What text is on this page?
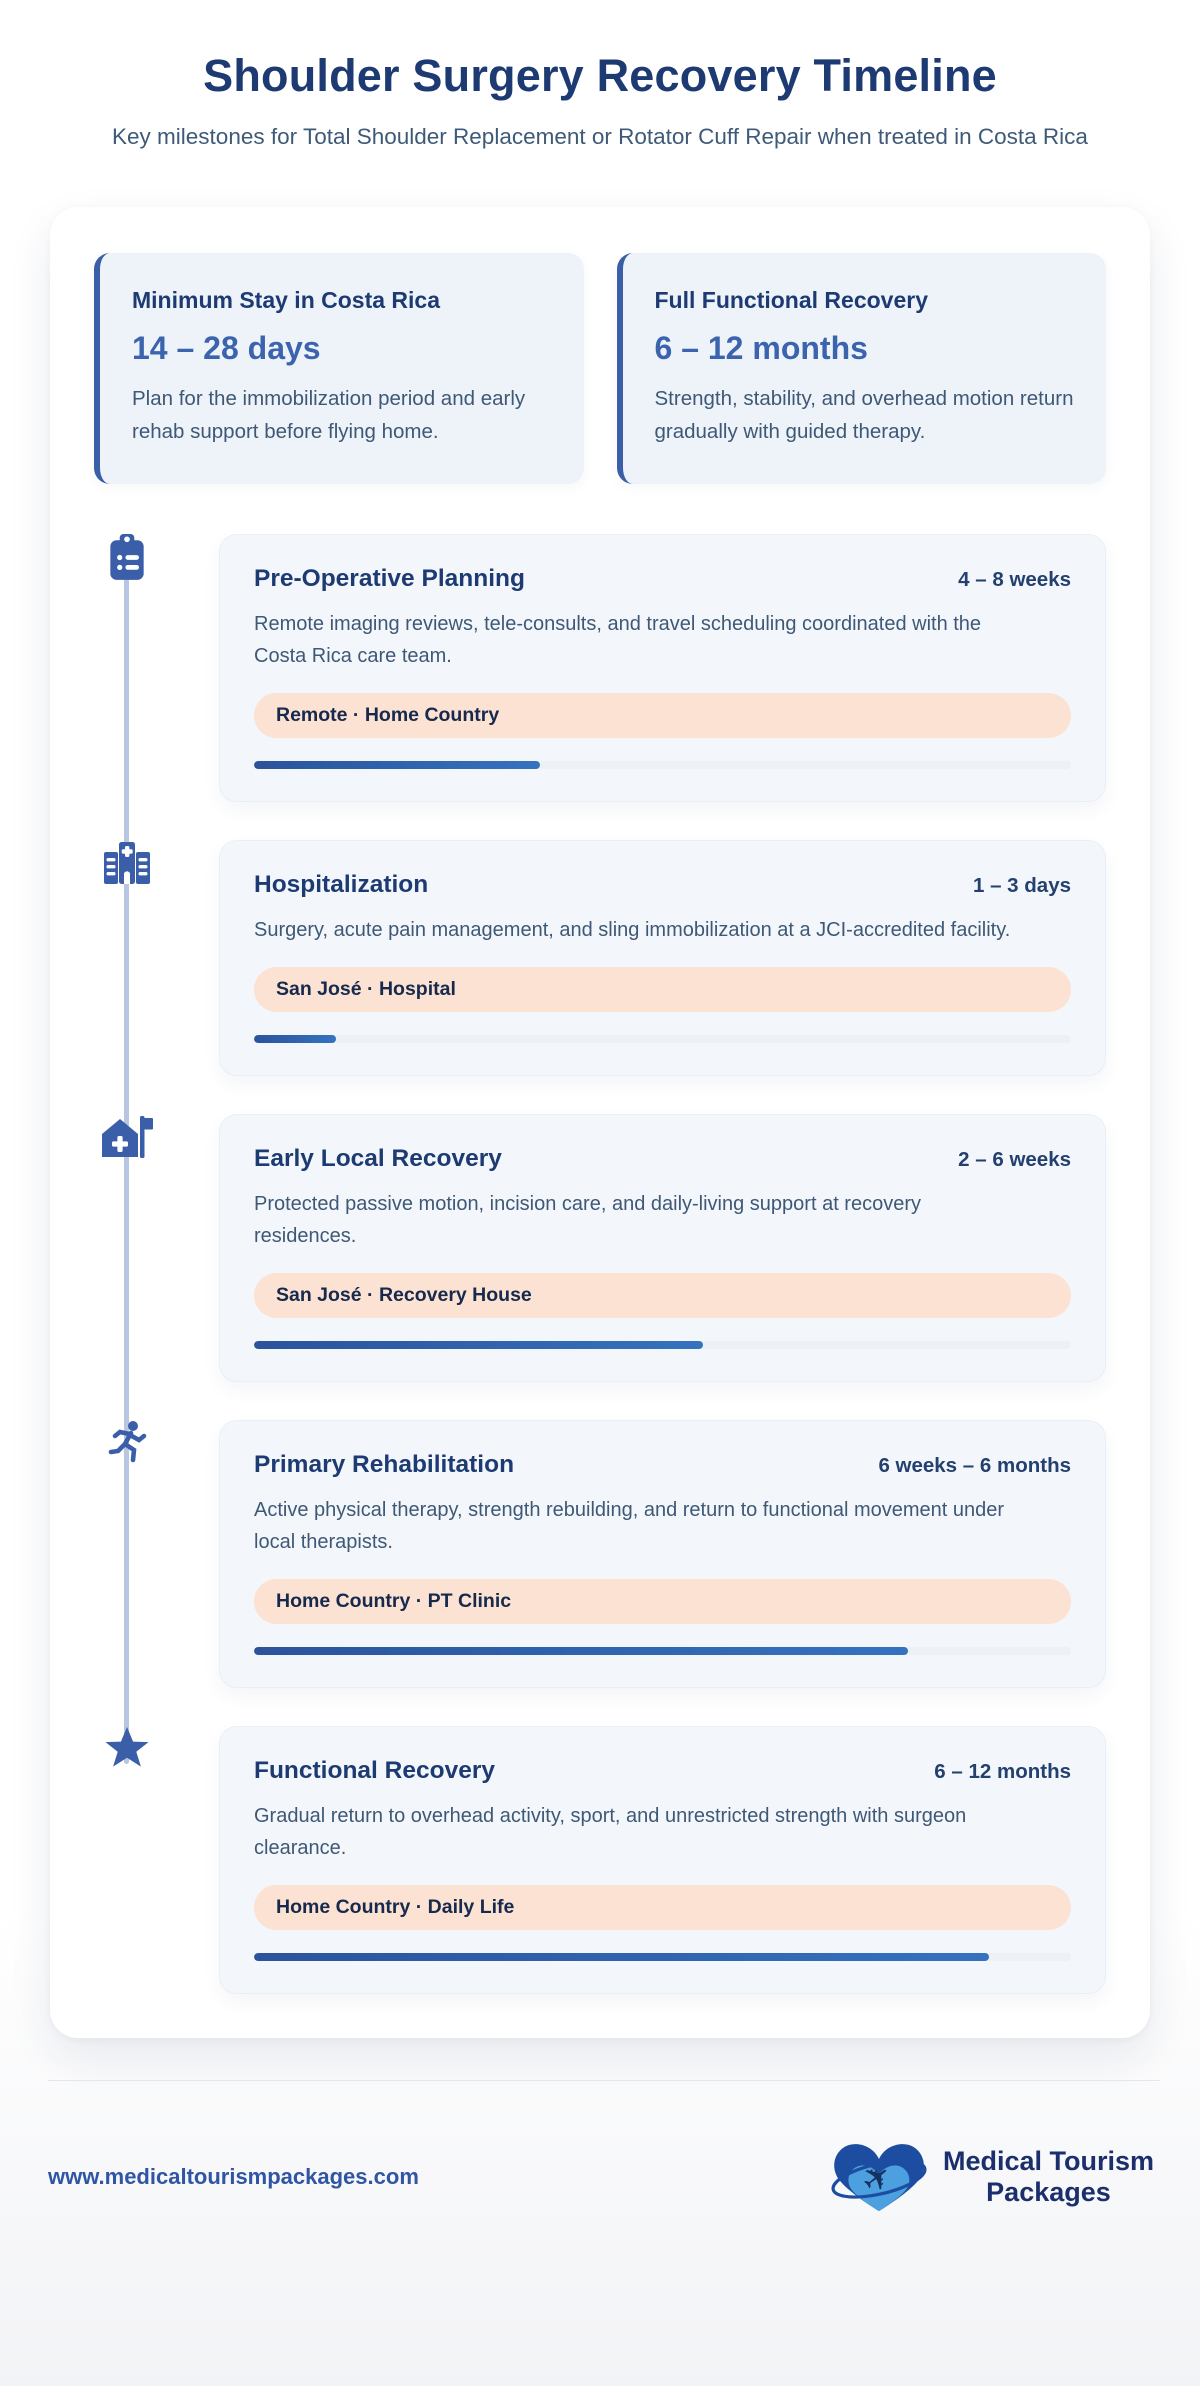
Shoulder Surgery Recovery Timeline

Key milestones for Total Shoulder Replacement or Rotator Cuff Repair when treated in Costa Rica

Minimum Stay in Costa Rica
14 – 28 days
Plan for the immobilization period and early rehab support before flying home.
Full Functional Recovery
6 – 12 months
Strength, stability, and overhead motion return gradually with guided therapy.
Pre-Operative Planning	4 – 8 weeks
Remote imaging reviews, tele-consults, and travel scheduling coordinated with the Costa Rica care team.
Remote · Home Country
Hospitalization	1 – 3 days
Surgery, acute pain management, and sling immobilization at a JCI-accredited facility.
San José · Hospital
Early Local Recovery	2 – 6 weeks
Protected passive motion, incision care, and daily-living support at recovery residences.
San José · Recovery House
Primary Rehabilitation	6 weeks – 6 months
Active physical therapy, strength rebuilding, and return to functional movement under local therapists.
Home Country · PT Clinic
Functional Recovery	6 – 12 months
Gradual return to overhead activity, sport, and unrestricted strength with surgeon clearance.
Home Country · Daily Life
www.medicaltourismpackages.com	✈ Medical Tourism
Packages
